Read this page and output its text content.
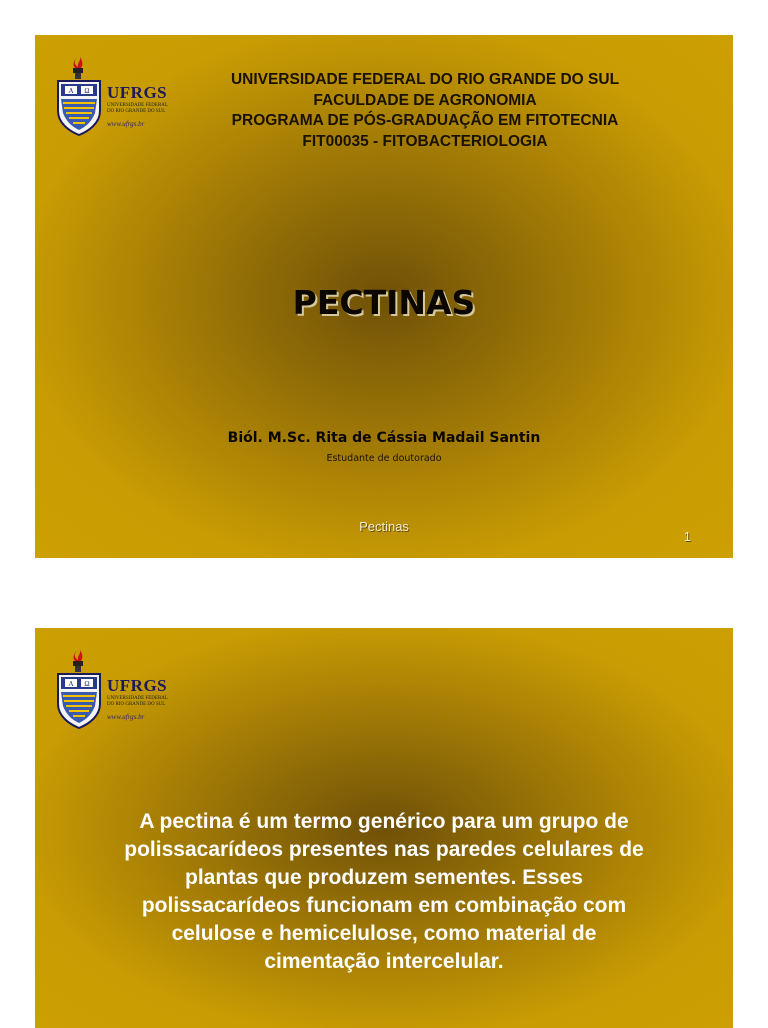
A Ω UFRGS
UNIVERSIDADE FEDERAL
DO RIO GRANDE DO SUL
www.ufrgs.br
UNIVERSIDADE FEDERAL DO RIO GRANDE DO SUL
FACULDADE DE AGRONOMIA
PROGRAMA DE PÓS-GRADUAÇÃO EM FITOTECNIA
FIT00035 - FITOBACTERIOLOGIA
PECTINAS
Biól. M.Sc. Rita de Cássia Madail Santin
Estudante de doutorado
Pectinas
1
A Ω UFRGS
UNIVERSIDADE FEDERAL
DO RIO GRANDE DO SUL
www.ufrgs.br
A pectina é um termo genérico para um grupo de
polissacarídeos presentes nas paredes celulares de
plantas que produzem sementes. Esses
polissacarídeos funcionam em combinação com
celulose e hemicelulose, como material de
cimentação intercelular.
